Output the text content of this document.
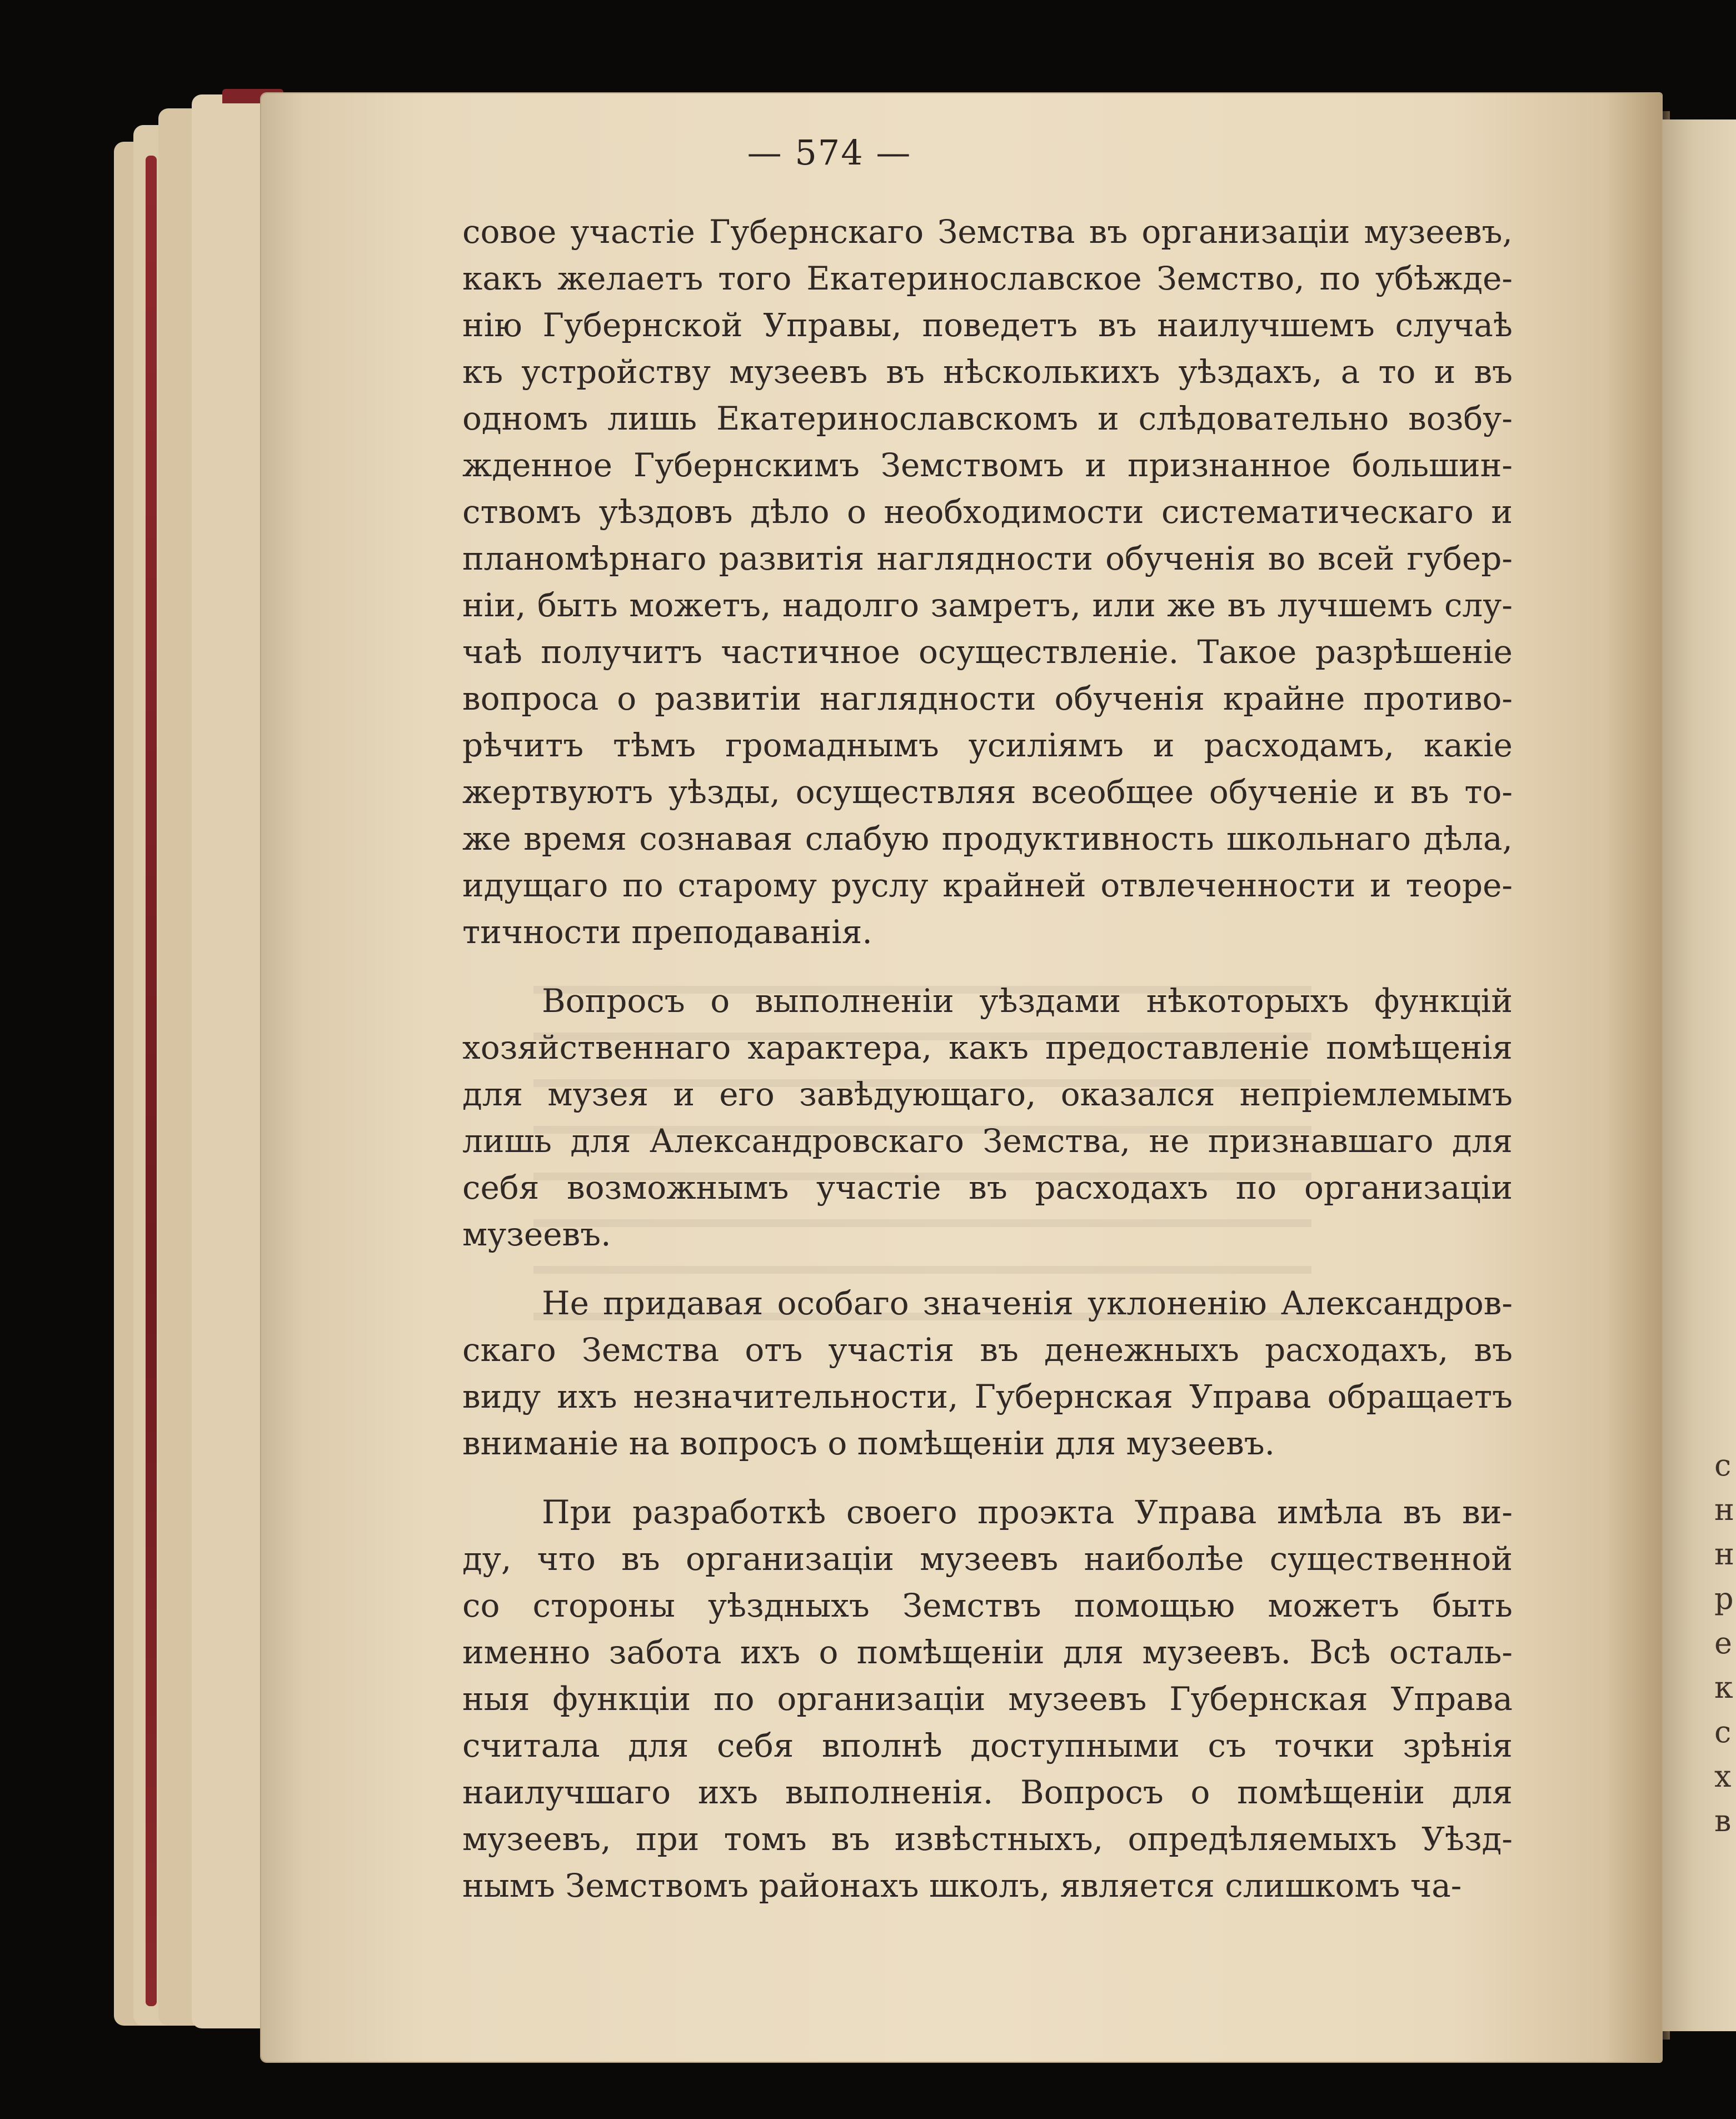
с
н
н
р
е
к
с
х
в
— 574 —
совое участіе Губернскаго Земства въ организаціи музеевъ,
какъ желаетъ того Екатеринославское Земство, по убѣжде-
нію Губернской Управы, поведетъ въ наилучшемъ случаѣ
къ устройству музеевъ въ нѣсколькихъ уѣздахъ, а то и въ
одномъ лишь Екатеринославскомъ и слѣдовательно возбу-
жденное Губернскимъ Земствомъ и признанное большин-
ствомъ уѣздовъ дѣло о необходимости систематическаго и
планомѣрнаго развитія наглядности обученія во всей губер-
ніи, быть можетъ, надолго замретъ, или же въ лучшемъ слу-
чаѣ получитъ частичное осуществленіе. Такое разрѣшеніе
вопроса о развитіи наглядности обученія крайне противо-
рѣчитъ тѣмъ громаднымъ усиліямъ и расходамъ, какіе
жертвуютъ уѣзды, осуществляя всеобщее обученіе и въ то-
же время сознавая слабую продуктивность школьнаго дѣла,
идущаго по старому руслу крайней отвлеченности и теоре-
тичности преподаванія.
Вопросъ о выполненіи уѣздами нѣкоторыхъ функцій
хозяйственнаго характера, какъ предоставленіе помѣщенія
для музея и его завѣдующаго, оказался непріемлемымъ
лишь для Александровскаго Земства, не признавшаго для
себя возможнымъ участіе въ расходахъ по организаціи
музеевъ.
Не придавая особаго значенія уклоненію Александров-
скаго Земства отъ участія въ денежныхъ расходахъ, въ
виду ихъ незначительности, Губернская Управа обращаетъ
вниманіе на вопросъ о помѣщеніи для музеевъ.
При разработкѣ своего проэкта Управа имѣла въ ви-
ду, что въ организаціи музеевъ наиболѣе существенной
со стороны уѣздныхъ Земствъ помощью можетъ быть
именно забота ихъ о помѣщеніи для музеевъ. Всѣ осталь-
ныя функціи по организаціи музеевъ Губернская Управа
считала для себя вполнѣ доступными съ точки зрѣнія
наилучшаго ихъ выполненія. Вопросъ о помѣщеніи для
музеевъ, при томъ въ извѣстныхъ, опредѣляемыхъ Уѣзд-
нымъ Земствомъ районахъ школъ, является слишкомъ ча-
